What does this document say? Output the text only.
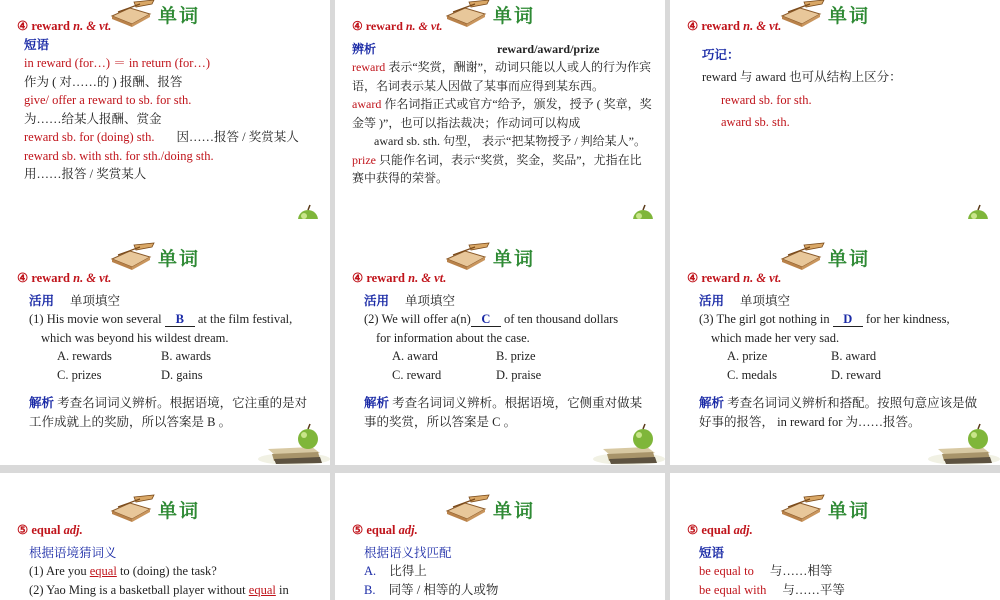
单词
④ reward n. & vt.
短语
in reward (for…) ＝ in return (for…)
作为 ( 对……的 ) 报酬、报答
give/ offer a reward to sb. for sth.
为……给某人报酬、赏金
reward sb. for (doing) sth. 因……报答 / 奖赏某人
reward sb. with sth. for sth./doing sth.
用……报答 / 奖赏某人
单词
④ reward n. & vt.
辨析	reward/award/prize
reward 表示“奖赏，酬谢”，动词只能以人或人的行为作宾语，名词表示某人因做了某事而应得到某东西。
award 作名词指正式或官方“给予，颁发，授予 ( 奖章，奖金等 )”，也可以指法裁决；作动词可以构成
award sb. sth. 句型， 表示“把某物授予 / 判给某人”。
prize 只能作名词，表示“奖赏，奖金，奖品”，尤指在比赛中获得的荣誉。
单词
④ reward n. & vt.
巧记：
reward 与 award 也可从结构上区分：
reward sb. for sth.
award sb. sth.
单词
④ reward n. & vt.
活用 单项填空
(1) His movie won several B at the film festival,
which was beyond his wildest dream.
A. rewards	B. awards
C. prizes	D. gains
解析 考查名词词义辨析。根据语境，它注重的是对工作成就上的奖励，所以答案是 B 。
单词
④ reward n. & vt.
活用 单项填空
(2) We will offer a(n) C of ten thousand dollars
for information about the case.
A. award	B. prize
C. reward	D. praise
解析 考查名词词义辨析。根据语境，它侧重对做某事的奖赏，所以答案是 C 。
单词
④ reward n. & vt.
活用 单项填空
(3) The girl got nothing in D for her kindness,
which made her very sad.
A. prize	B. award
C. medals	D. reward
解析 考查名词词义辨析和搭配。按照句意应该是做好事的报答， in reward for 为……报答。
单词
⑤ equal adj.
根据语境猜词义
(1) Are you equal to (doing) the task?
(2) Yao Ming is a basketball player without equal in
单词
⑤ equal adj.
根据语义找匹配
A. 比得上
B. 同等 / 相等的人或物
单词
⑤ equal adj.
短语
be equal to 与……相等
be equal with 与……平等
